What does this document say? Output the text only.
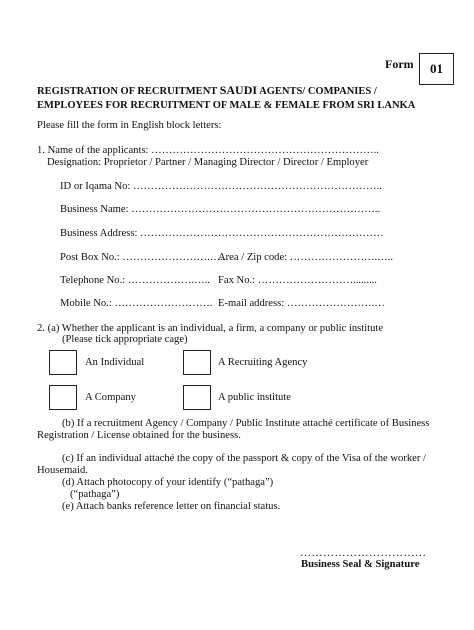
Form 01
REGISTRATION OF RECRUITMENT SAUDI AGENTS/ COMPANIES /
EMPLOYEES FOR RECRUITMENT OF MALE & FEMALE FROM SRI LANKA
Please fill the form in English block letters:
1. Name of the applicants: ………………………………………………………..
Designation: Proprietor / Partner / Managing Director / Director / Employer
ID or Iqama No: ……………………………………………………………..
Business Name: ……………………………………………………………..
Business Address: ……………………………………………………………
Post Box No.: …………………….…..
Area / Zip code: …………………….…..
Telephone No.: ……………….….. Fax No.: ……………………….........
Mobile No.: ………………………. E-mail address: …………………….…
2. (a) Whether the applicant is an individual, a firm, a company or public institute
(Please tick appropriate cage)
An Individual	A Recruiting Agency
A Company	A public institute
(b) If a recruitment Agency / Company / Public Institute attaché certificate of Business
Registration / License obtained for the business.
(c) If an individual attaché the copy of the passport & copy of the Visa of the worker /
Housemaid.
(d) Attach photocopy of your identify (“pathaga”)
(“pathaga”)
(e) Attach banks reference letter on financial status.
……………………………
Business Seal & Signature
